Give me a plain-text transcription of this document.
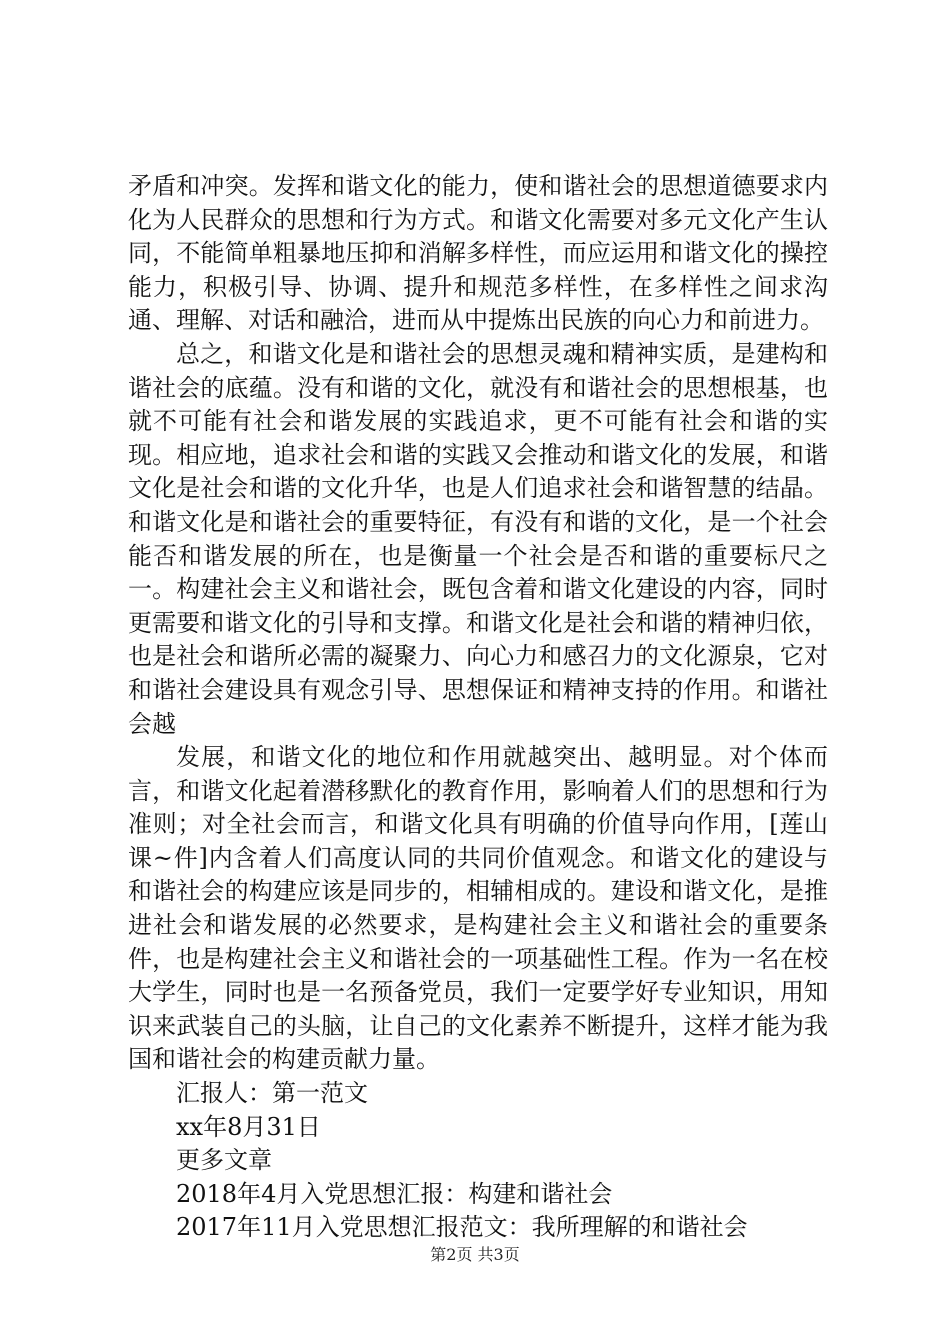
矛盾和冲突。发挥和谐文化的能力，使和谐社会的思想道德要求内化为人民群众的思想和行为方式。和谐文化需要对多元文化产生认同，不能简单粗暴地压抑和消解多样性，而应运用和谐文化的操控能力，积极引导、协调、提升和规范多样性，在多样性之间求沟通、理解、对话和融洽，进而从中提炼出民族的向心力和前进力。

总之，和谐文化是和谐社会的思想灵魂和精神实质，是建构和谐社会的底蕴。没有和谐的文化，就没有和谐社会的思想根基，也就不可能有社会和谐发展的实践追求，更不可能有社会和谐的实现。相应地，追求社会和谐的实践又会推动和谐文化的发展，和谐文化是社会和谐的文化升华，也是人们追求社会和谐智慧的结晶。和谐文化是和谐社会的重要特征，有没有和谐的文化，是一个社会能否和谐发展的所在，也是衡量一个社会是否和谐的重要标尺之一。构建社会主义和谐社会，既包含着和谐文化建设的内容，同时更需要和谐文化的引导和支撑。和谐文化是社会和谐的精神归依，也是社会和谐所必需的凝聚力、向心力和感召力的文化源泉，它对和谐社会建设具有观念引导、思想保证和精神支持的作用。和谐社会越

发展，和谐文化的地位和作用就越突出、越明显。对个体而言，和谐文化起着潜移默化的教育作用，影响着人们的思想和行为准则；对全社会而言，和谐文化具有明确的价值导向作用，[莲山课~件]内含着人们高度认同的共同价值观念。和谐文化的建设与和谐社会的构建应该是同步的，相辅相成的。建设和谐文化，是推进社会和谐发展的必然要求，是构建社会主义和谐社会的重要条件，也是构建社会主义和谐社会的一项基础性工程。作为一名在校大学生，同时也是一名预备党员，我们一定要学好专业知识，用知识来武装自己的头脑，让自己的文化素养不断提升，这样才能为我国和谐社会的构建贡献力量。

汇报人：第一范文

xx年8月31日

更多文章

2018年4月入党思想汇报：构建和谐社会

2017年11月入党思想汇报范文：我所理解的和谐社会

第2页 共3页
